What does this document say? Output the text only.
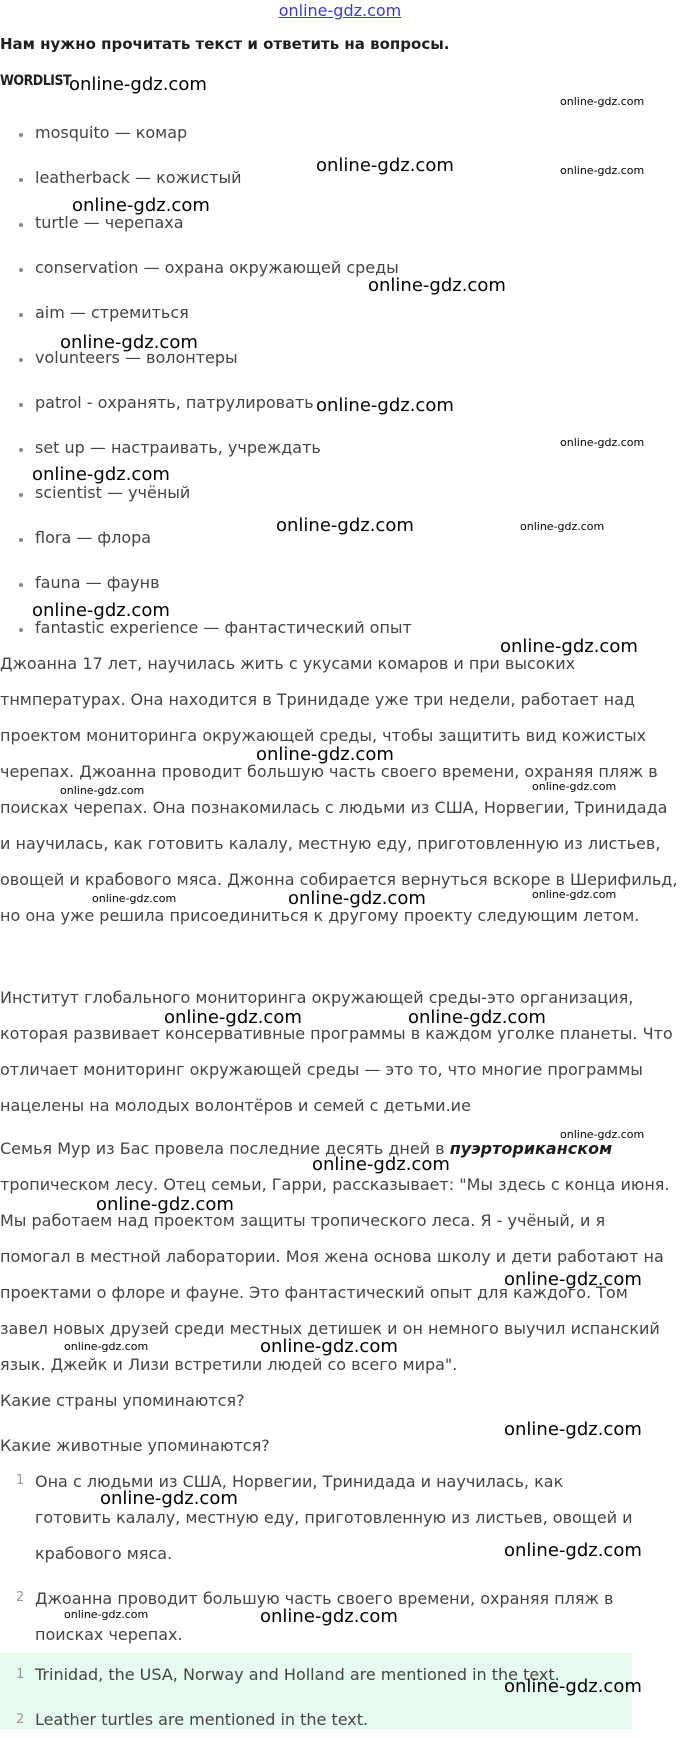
online-gdz.com
Нам нужно прочитать текст и ответить на вопросы.
WORDLIST
mosquito — комар
leatherback — кожистый
turtle — черепаха
conservation — охрана окружающей среды
aim — стремиться
volunteers — волонтеры
patrol - охранять, патрулировать
set up — настраивать, учреждать
scientist — учёный
flora — флора
fauna — фаунв
fantastic experience — фантастический опыт

Джоанна 17 лет, научилась жить с укусами комаров и при высоких тнмпературах. Она находится в Тринидаде уже три недели, работает над проектом мониторинга окружающей среды, чтобы защитить вид кожистых черепах. Джоанна проводит большую часть своего времени, охраняя пляж в поисках черепах. Она познакомилась с людьми из США, Норвегии, Тринидада и научилась, как готовить калалу, местную еду, приготовленную из листьев, овощей и крабового мяса. Джонна собирается вернуться вскоре в Шерифильд, но она уже решила присоединиться к другому проекту следующим летом.

Институт глобального мониторинга окружающей среды-это организация, которая развивает консервативные программы в каждом уголке планеты. Что отличает мониторинг окружающей среды — это то, что многие программы нацелены на молодых волонтёров и семей с детьми.ие

Семья Мур из Бас провела последние десять дней в пуэрториканском тропическом лесу. Отец семьи, Гарри, рассказывает: "Мы здесь с конца июня. Мы работаем над проектом защиты тропического леса. Я - учёный, и я помогал в местной лаборатории. Моя жена основа школу и дети работают на проектами о флоре и фауне. Это фантастический опыт для каждого. Том завел новых друзей среди местных детишек и он немного выучил испанский язык. Джейк и Лизи встретили людей со всего мира".

Какие страны упоминаются?
Какие животные упоминаются?
1 Она с людьми из США, Норвегии, Тринидада и научилась, как готовить калалу, местную еду, приготовленную из листьев, овощей и крабового мяса.
2 Джоанна проводит большую часть своего времени, охраняя пляж в поисках черепах.
1 Trinidad, the USA, Norway and Holland are mentioned in the text.
2 Leather turtles are mentioned in the text.
online-gdz.com
online-gdz.com
online-gdz.com	online-gdz.com
online-gdz.com
online-gdz.com
online-gdz.com
online-gdz.com
online-gdz.com
online-gdz.com
online-gdz.com	online-gdz.com
online-gdz.com
online-gdz.com
online-gdz.com
online-gdz.com	online-gdz.com
online-gdz.com	online-gdz.com	online-gdz.com
online-gdz.com	online-gdz.com
online-gdz.com
online-gdz.com
online-gdz.com
online-gdz.com
online-gdz.com	online-gdz.com
online-gdz.com
online-gdz.com
online-gdz.com
online-gdz.com	online-gdz.com
online-gdz.com
